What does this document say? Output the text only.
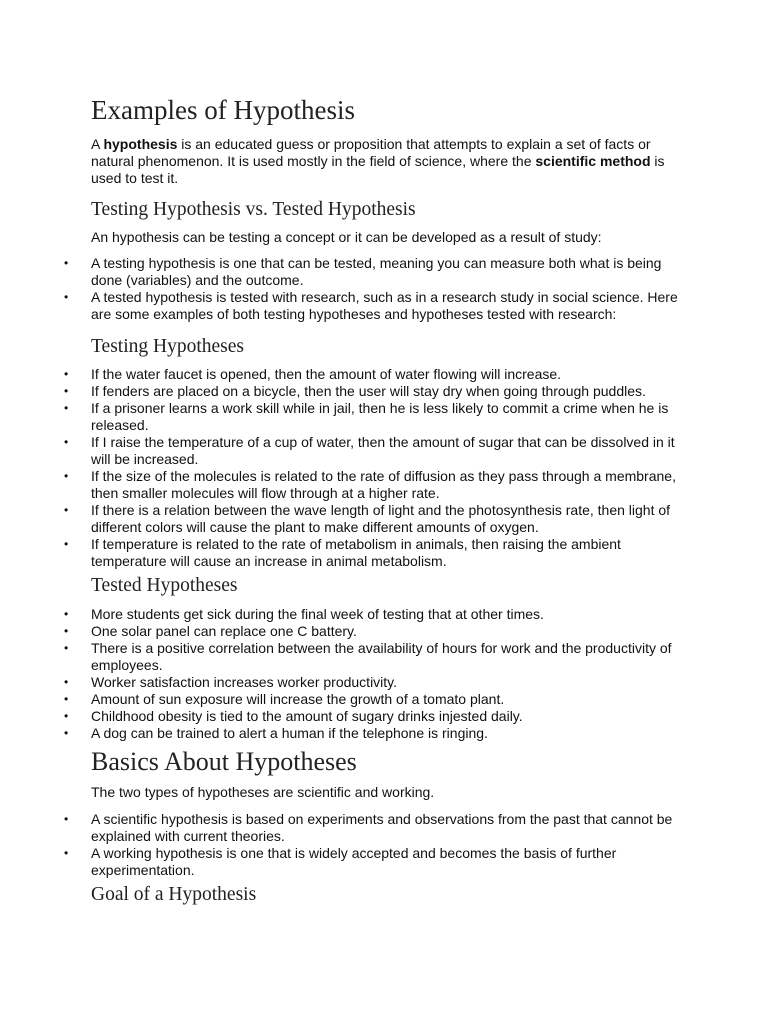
Examples of Hypothesis

A hypothesis is an educated guess or proposition that attempts to explain a set of facts or natural phenomenon. It is used mostly in the field of science, where the scientific method is used to test it.

Testing Hypothesis vs. Tested Hypothesis

An hypothesis can be testing a concept or it can be developed as a result of study:

• A testing hypothesis is one that can be tested, meaning you can measure both what is being done (variables) and the outcome.
• A tested hypothesis is tested with research, such as in a research study in social science. Here are some examples of both testing hypotheses and hypotheses tested with research:
Testing Hypotheses
• If the water faucet is opened, then the amount of water flowing will increase.
• If fenders are placed on a bicycle, then the user will stay dry when going through puddles.
• If a prisoner learns a work skill while in jail, then he is less likely to commit a crime when he is released.
• If I raise the temperature of a cup of water, then the amount of sugar that can be dissolved in it will be increased.
• If the size of the molecules is related to the rate of diffusion as they pass through a membrane, then smaller molecules will flow through at a higher rate.
• If there is a relation between the wave length of light and the photosynthesis rate, then light of different colors will cause the plant to make different amounts of oxygen.
• If temperature is related to the rate of metabolism in animals, then raising the ambient temperature will cause an increase in animal metabolism.
Tested Hypotheses
• More students get sick during the final week of testing that at other times.
• One solar panel can replace one C battery.
• There is a positive correlation between the availability of hours for work and the productivity of employees.
• Worker satisfaction increases worker productivity.
• Amount of sun exposure will increase the growth of a tomato plant.
• Childhood obesity is tied to the amount of sugary drinks injested daily.
• A dog can be trained to alert a human if the telephone is ringing.
Basics About Hypotheses

The two types of hypotheses are scientific and working.

• A scientific hypothesis is based on experiments and observations from the past that cannot be explained with current theories.
• A working hypothesis is one that is widely accepted and becomes the basis of further experimentation.
Goal of a Hypothesis
